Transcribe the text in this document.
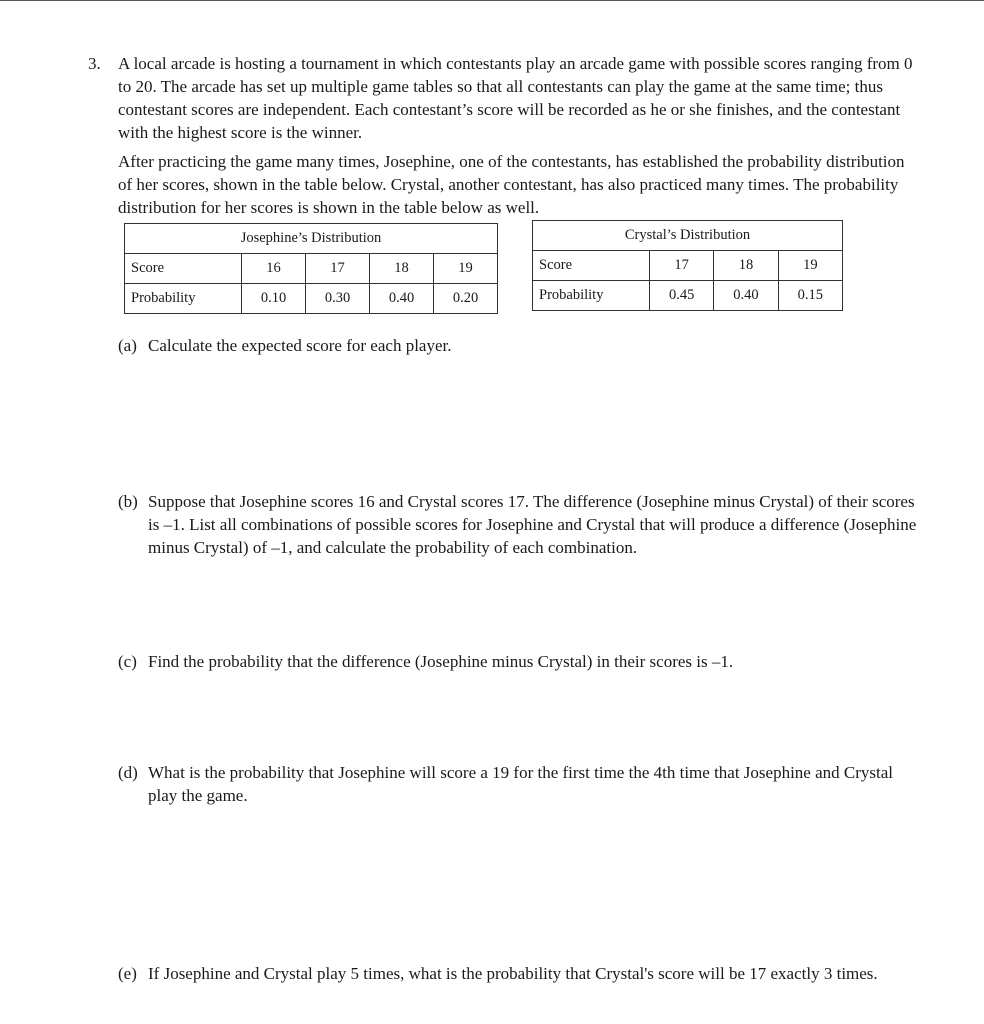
3. A local arcade is hosting a tournament in which contestants play an arcade game with possible scores ranging from 0 to 20. The arcade has set up multiple game tables so that all contestants can play the game at the same time; thus contestant scores are independent. Each contestant’s score will be recorded as he or she finishes, and the contestant with the highest score is the winner.

After practicing the game many times, Josephine, one of the contestants, has established the probability distribution of her scores, shown in the table below. Crystal, another contestant, has also practiced many times. The probability distribution for her scores is shown in the table below as well.

Josephine’s Distribution				
Score	16	17	18	19
Probability	0.10	0.30	0.40	0.20
Crystal’s Distribution			
Score	17	18	19
Probability	0.45	0.40	0.15
(a) Calculate the expected score for each player.
(b) Suppose that Josephine scores 16 and Crystal scores 17. The difference (Josephine minus Crystal) of their scores is –1. List all combinations of possible scores for Josephine and Crystal that will produce a difference (Josephine minus Crystal) of –1, and calculate the probability of each combination.
(c) Find the probability that the difference (Josephine minus Crystal) in their scores is –1.
(d) What is the probability that Josephine will score a 19 for the first time the 4th time that Josephine and Crystal play the game.
(e) If Josephine and Crystal play 5 times, what is the probability that Crystal's score will be 17 exactly 3 times.
